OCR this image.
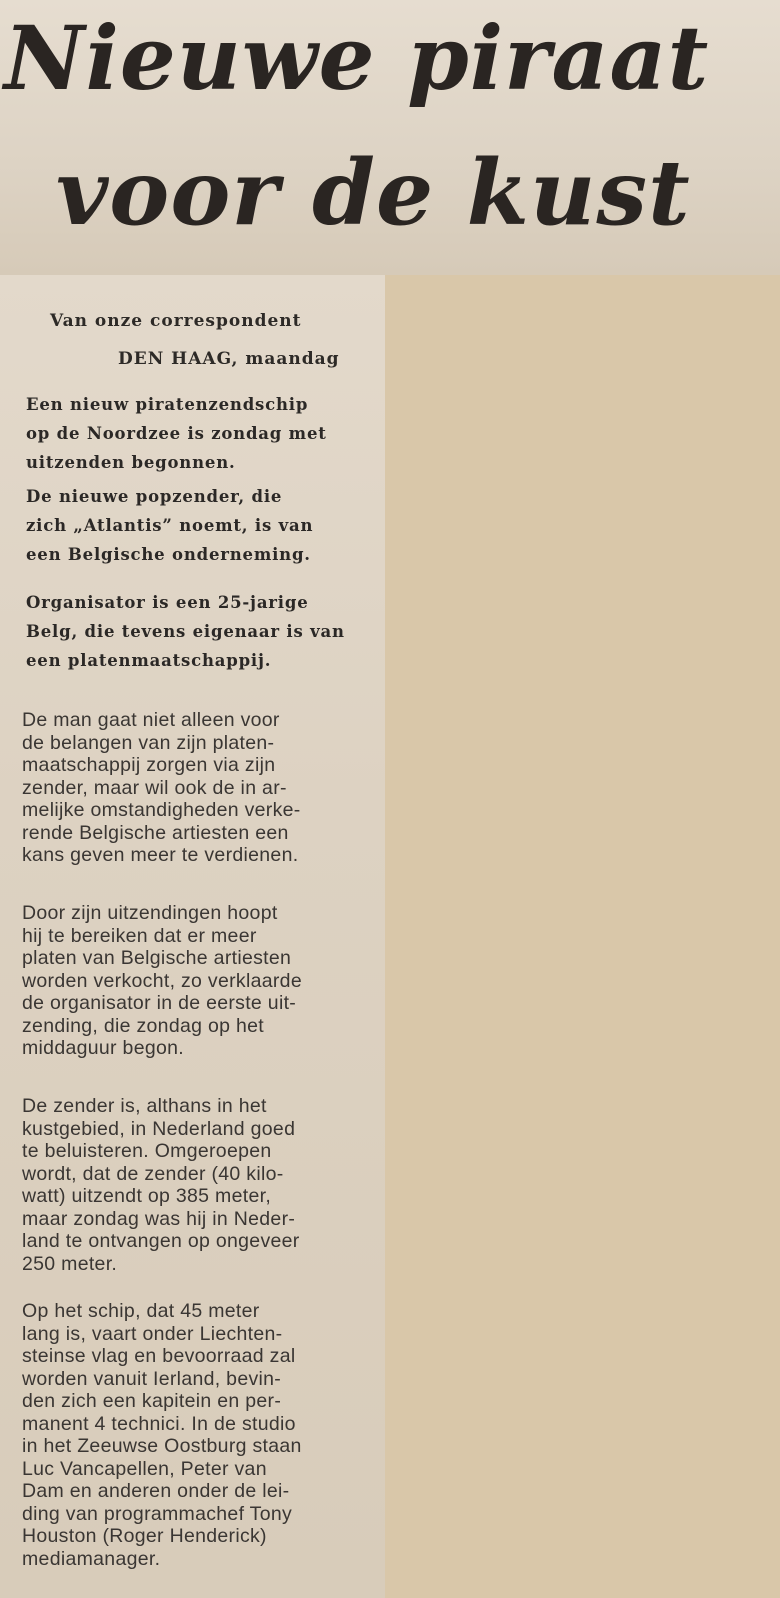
Nieuwe piraat
voor de kust
Van onze correspondent
DEN HAAG, maandag

Een nieuw piratenzendschip
op de Noordzee is zondag met
uitzenden begonnen.

De nieuwe popzender, die
zich „Atlantis” noemt, is van
een Belgische onderneming.

Organisator is een 25-jarige
Belg, die tevens eigenaar is van
een platenmaatschappij.

De man gaat niet alleen voor
de belangen van zijn platen-
maatschappij zorgen via zijn
zender, maar wil ook de in ar-
melijke omstandigheden verke-
rende Belgische artiesten een
kans geven meer te verdienen.

Door zijn uitzendingen hoopt
hij te bereiken dat er meer
platen van Belgische artiesten
worden verkocht, zo verklaarde
de organisator in de eerste uit-
zending, die zondag op het
middaguur begon.

De zender is, althans in het
kustgebied, in Nederland goed
te beluisteren. Omgeroepen
wordt, dat de zender (40 kilo-
watt) uitzendt op 385 meter,
maar zondag was hij in Neder-
land te ontvangen op ongeveer
250 meter.

Op het schip, dat 45 meter
lang is, vaart onder Liechten-
steinse vlag en bevoorraad zal
worden vanuit Ierland, bevin-
den zich een kapitein en per-
manent 4 technici. In de studio
in het Zeeuwse Oostburg staan
Luc Vancapellen, Peter van
Dam en anderen onder de lei-
ding van programmachef Tony
Houston (Roger Henderick)
mediamanager.
